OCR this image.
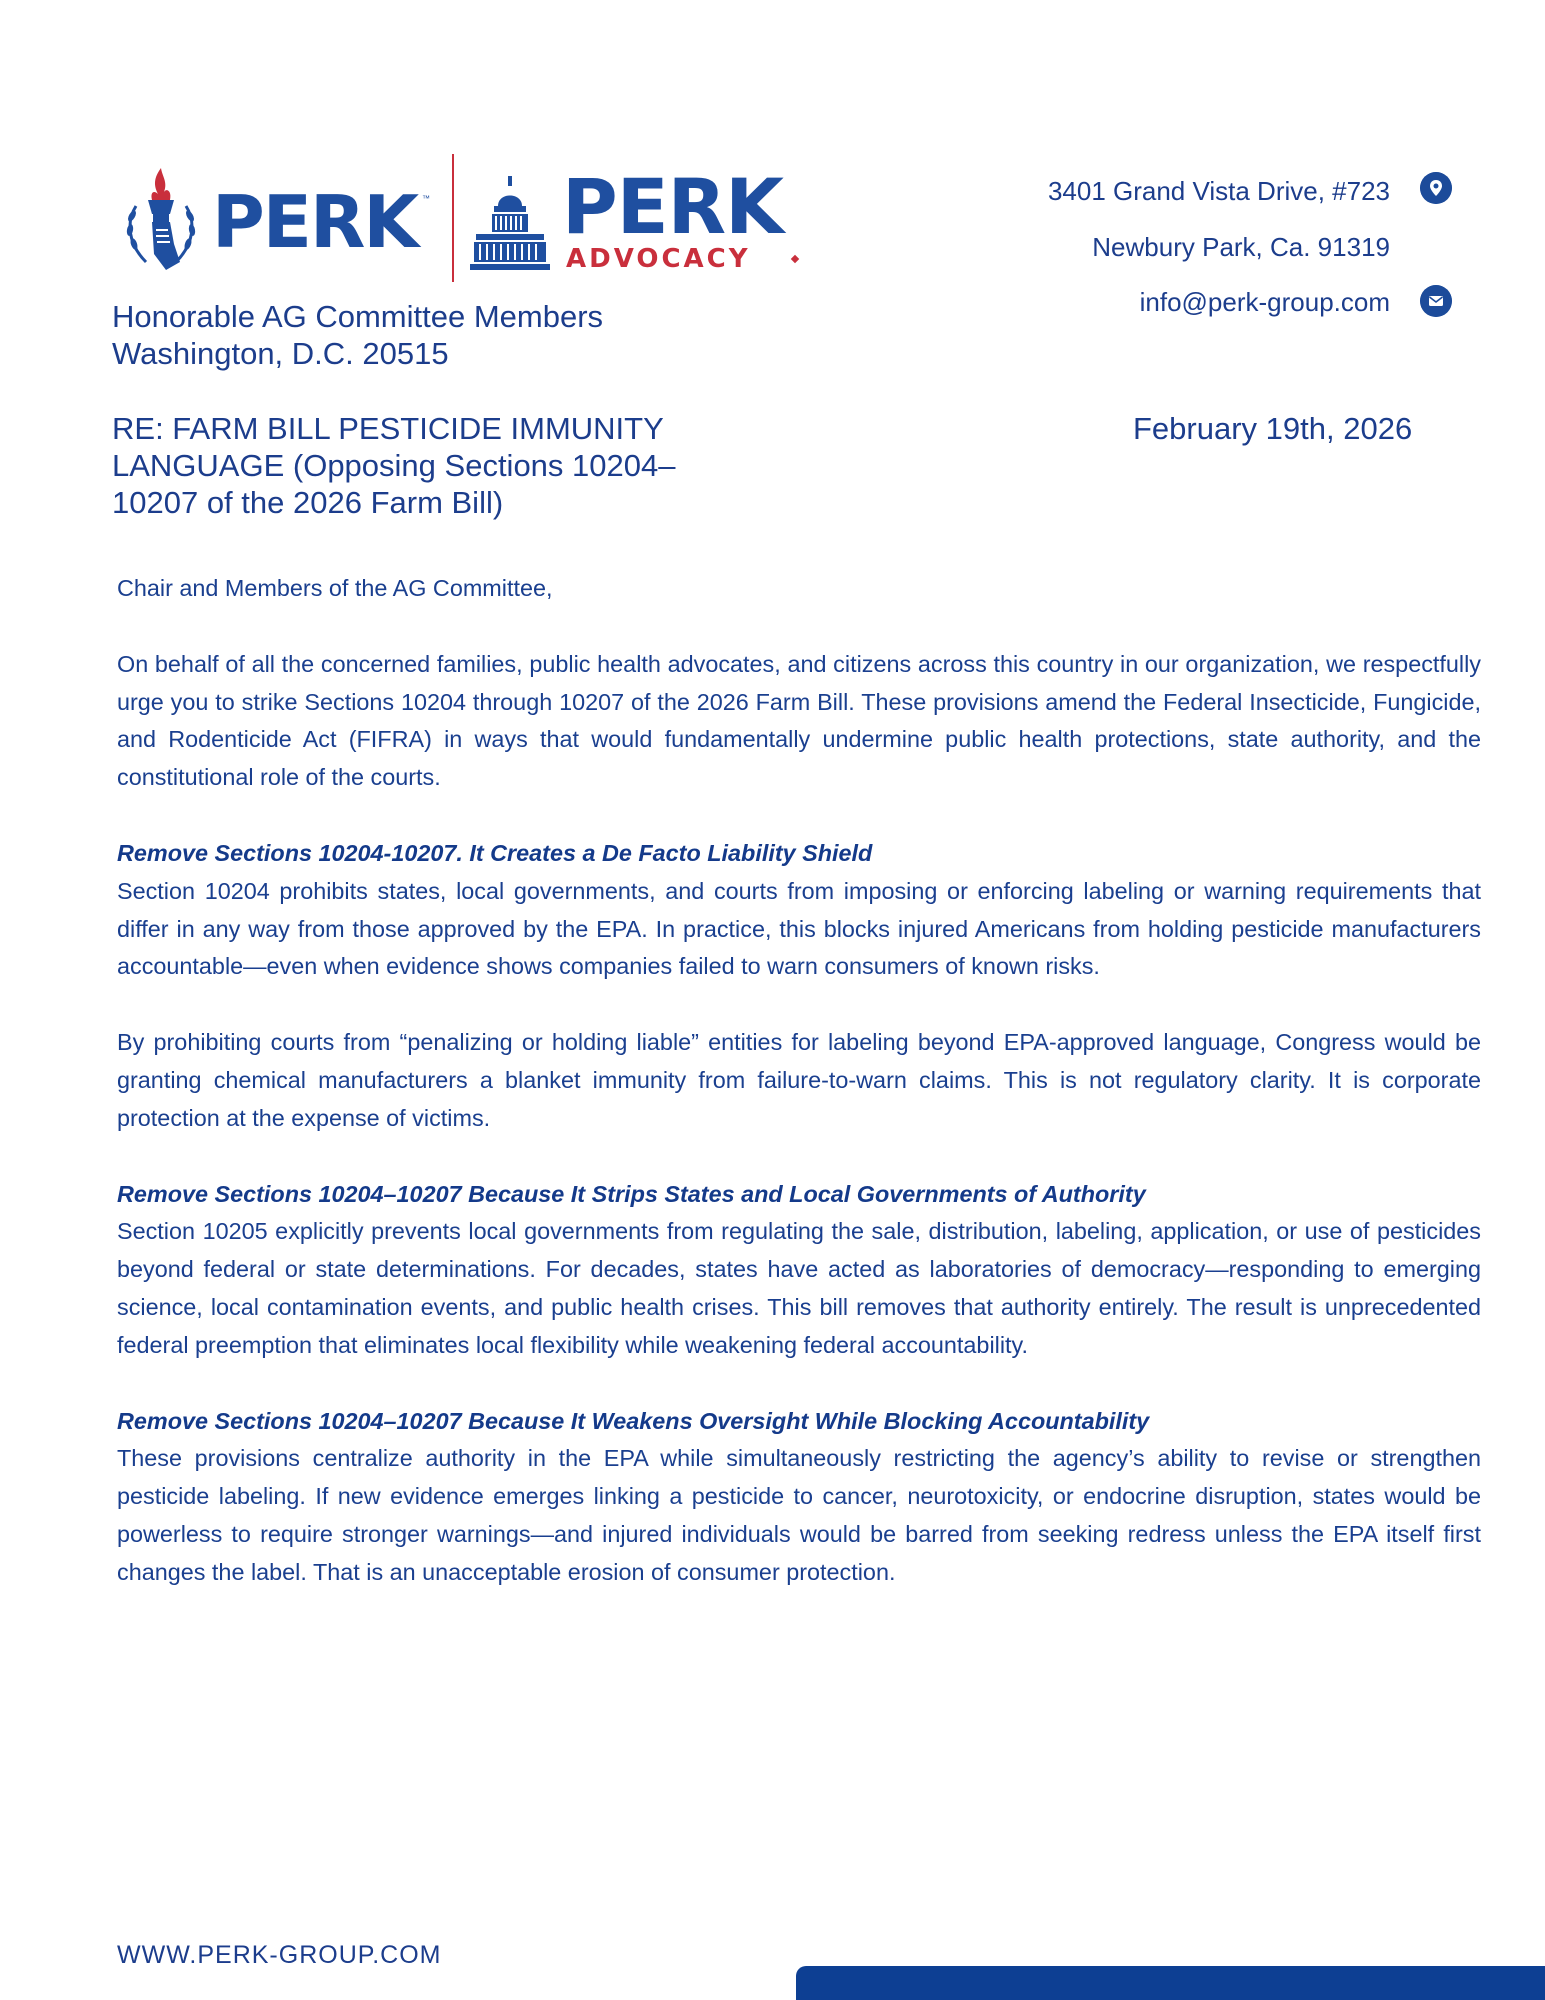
PERK ™ PERK
ADVOCACY
3401 Grand Vista Drive, #723
Newbury Park, Ca. 91319
info@perk-group.com
Honorable AG Committee Members
Washington, D.C. 20515
RE: FARM BILL PESTICIDE IMMUNITY
LANGUAGE (Opposing Sections 10204–
10207 of the 2026 Farm Bill)
February 19th, 2026

Chair and Members of the AG Committee,

On behalf of all the concerned families, public health advocates, and citizens across this country in our organization, we respectfully urge you to strike Sections 10204 through 10207 of the 2026 Farm Bill. These provisions amend the Federal Insecticide, Fungicide, and Rodenticide Act (FIFRA) in ways that would fundamentally undermine public health protections, state authority, and the constitutional role of the courts.

Remove Sections 10204-10207. It Creates a De Facto Liability Shield

Section 10204 prohibits states, local governments, and courts from imposing or enforcing labeling or warning requirements that differ in any way from those approved by the EPA. In practice, this blocks injured Americans from holding pesticide manufacturers accountable—even when evidence shows companies failed to warn consumers of known risks.

By prohibiting courts from “penalizing or holding liable” entities for labeling beyond EPA-approved language, Congress would be granting chemical manufacturers a blanket immunity from failure-to-warn claims. This is not regulatory clarity. It is corporate protection at the expense of victims.

Remove Sections 10204–10207 Because It Strips States and Local Governments of Authority

Section 10205 explicitly prevents local governments from regulating the sale, distribution, labeling, application, or use of pesticides beyond federal or state determinations. For decades, states have acted as laboratories of democracy—responding to emerging science, local contamination events, and public health crises. This bill removes that authority entirely. The result is unprecedented federal preemption that eliminates local flexibility while weakening federal accountability.

Remove Sections 10204–10207 Because It Weakens Oversight While Blocking Accountability

These provisions centralize authority in the EPA while simultaneously restricting the agency’s ability to revise or strengthen pesticide labeling. If new evidence emerges linking a pesticide to cancer, neurotoxicity, or endocrine disruption, states would be powerless to require stronger warnings—and injured individuals would be barred from seeking redress unless the EPA itself first changes the label. That is an unacceptable erosion of consumer protection.

WWW.PERK-GROUP.COM
